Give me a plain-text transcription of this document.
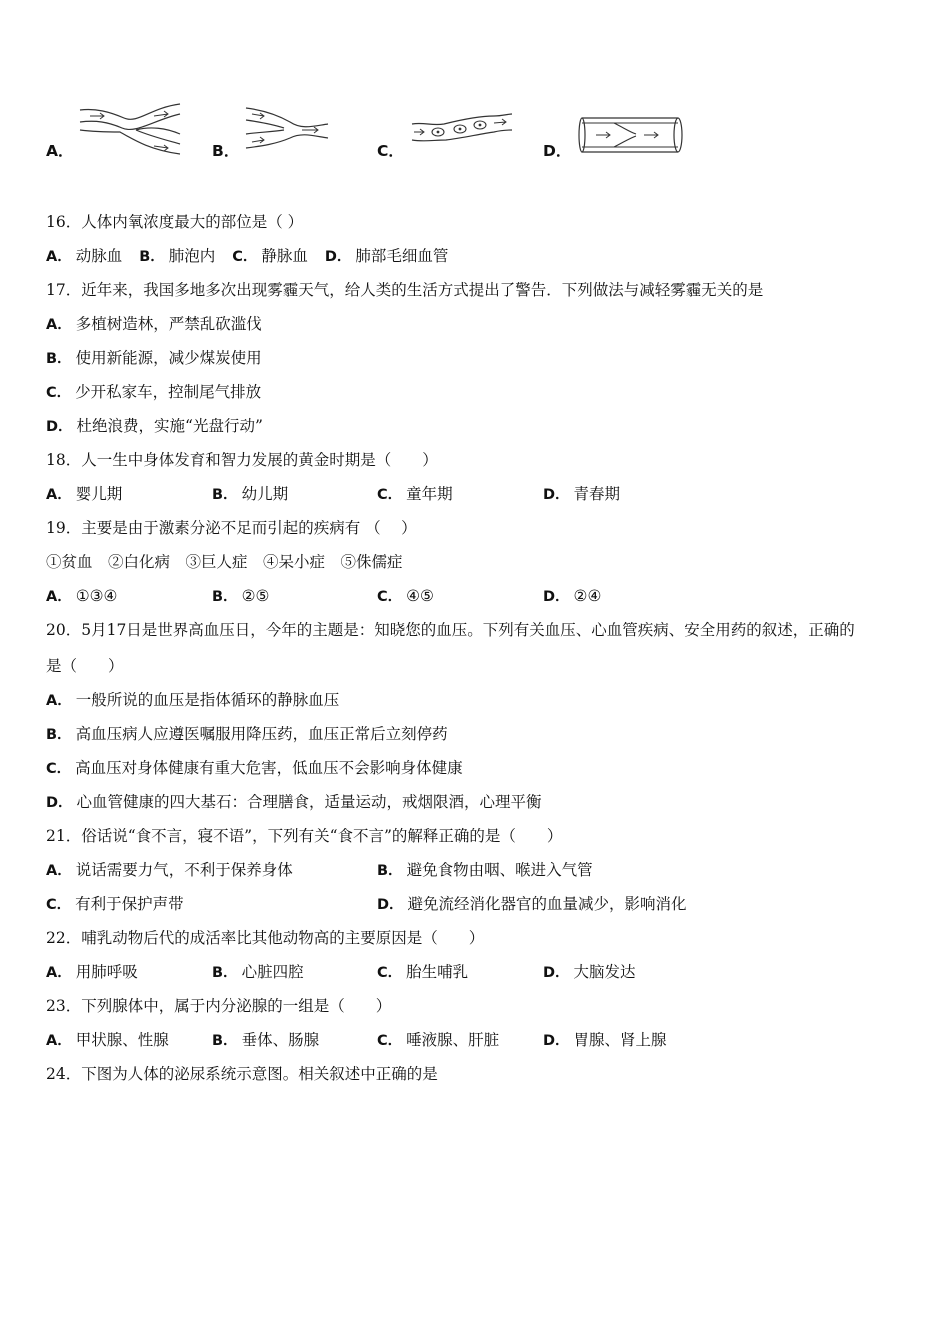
A．	B．	C．	D．
16．人体内氧浓度最大的部位是（ ）
A． 动脉血 B． 肺泡内 C． 静脉血 D． 肺部毛细血管
17．近年来，我国多地多次出现雾霾天气，给人类的生活方式提出了警告．下列做法与减轻雾霾无关的是
A． 多植树造林，严禁乱砍滥伐
B． 使用新能源，减少煤炭使用
C． 少开私家车，控制尾气排放
D． 杜绝浪费，实施“光盘行动”
18．人一生中身体发育和智力发展的黄金时期是（　　）
A． 婴儿期	B． 幼儿期	C． 童年期	D． 青春期
19．主要是由于激素分泌不足而引起的疾病有 （　 ）
①贫血　②白化病　③巨人症　④呆小症　⑤侏儒症
A． ①③④	B． ②⑤	C． ④⑤	D． ②④
20．5月17日是世界高血压日，今年的主题是：知晓您的血压。下列有关血压、心血管疾病、安全用药的叙述，正确的
是（　　）
A． 一般所说的血压是指体循环的静脉血压
B． 高血压病人应遵医嘱服用降压药，血压正常后立刻停药
C． 高血压对身体健康有重大危害，低血压不会影响身体健康
D． 心血管健康的四大基石：合理膳食，适量运动，戒烟限酒，心理平衡
21．俗话说“食不言，寝不语”，下列有关“食不言”的解释正确的是（　　）
A． 说话需要力气，不利于保养身体	B． 避免食物由咽、喉进入气管
C． 有利于保护声带	D． 避免流经消化器官的血量减少，影响消化
22．哺乳动物后代的成活率比其他动物高的主要原因是（　　）
A． 用肺呼吸	B． 心脏四腔	C． 胎生哺乳	D． 大脑发达
23．下列腺体中，属于内分泌腺的一组是（　　）
A． 甲状腺、性腺	B． 垂体、肠腺	C． 唾液腺、肝脏	D． 胃腺、肾上腺
24．下图为人体的泌尿系统示意图。相关叙述中正确的是
